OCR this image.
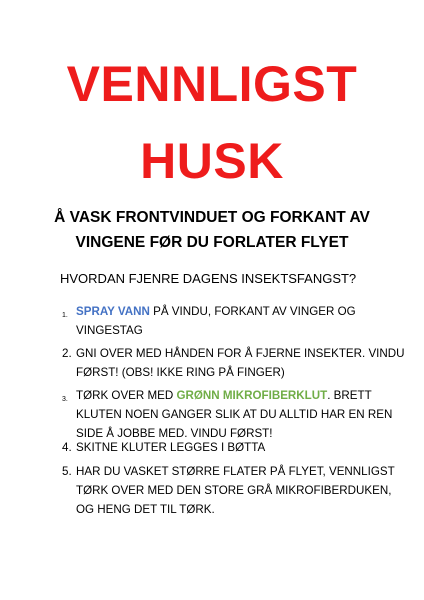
VENNLIGST
HUSK
Å VASK FRONTVINDUET OG FORKANT AV
VINGENE FØR DU FORLATER FLYET
HVORDAN FJENRE DAGENS INSEKTSFANGST?
1. SPRAY VANN PÅ VINDU, FORKANT AV VINGER OG
VINGESTAG
2. GNI OVER MED HÅNDEN FOR Å FJERNE INSEKTER. VINDU
FØRST! (OBS! IKKE RING PÅ FINGER)
3. TØRK OVER MED GRØNN MIKROFIBERKLUT. BRETT
KLUTEN NOEN GANGER SLIK AT DU ALLTID HAR EN REN
SIDE Å JOBBE MED. VINDU FØRST!
4. SKITNE KLUTER LEGGES I BØTTA
5. HAR DU VASKET STØRRE FLATER PÅ FLYET, VENNLIGST
TØRK OVER MED DEN STORE GRÅ MIKROFIBERDUKEN,
OG HENG DET TIL TØRK.
